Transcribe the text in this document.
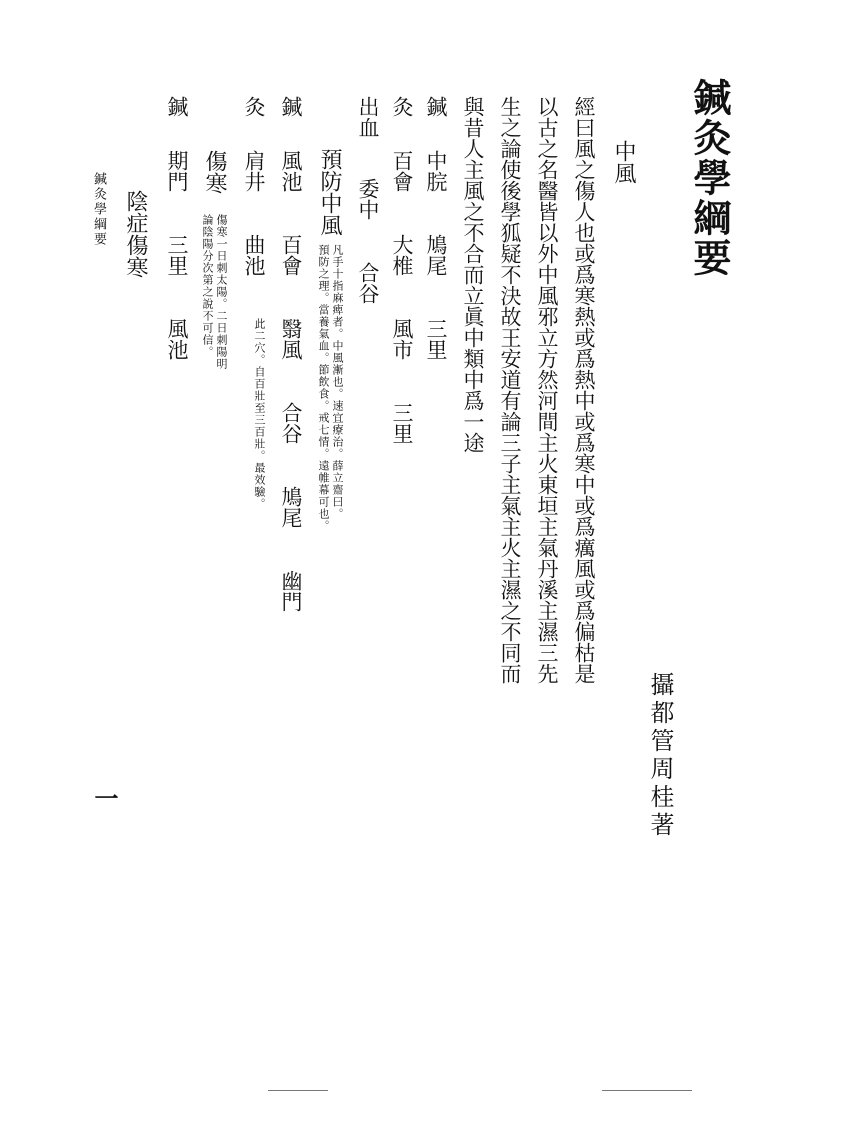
鍼灸學綱要
攝都管周桂著
中風
經曰風之傷人也或爲寒熱或爲熱中或爲寒中或爲癘風或爲偏枯是
以古之名醫皆以外中風邪立方然河間主火東垣主氣丹溪主濕三先
生之論使後學狐疑不決故王安道有論三子主氣主火主濕之不同而
與昔人主風之不合而立眞中類中爲一途
鍼
中脘 鳩尾 三里
灸
百會 大椎 風市 三里
出血
委中 合谷
預防中風
凡手十指麻痺者。中風漸也。速宜療治。薛立齋曰。
預防之理。當養氣血。節飲食。戒七情。遠帷幕可也。
鍼
風池 百會 翳風 合谷 鳩尾 幽門
灸
肩井 曲池
此二穴。自百壯至三百壯。最效驗。
傷寒
傷寒一日刺太陽。二日刺陽明
論陰陽分次第之說不可信。
鍼
期門 三里 風池
陰症傷寒
鍼灸學綱要
一
